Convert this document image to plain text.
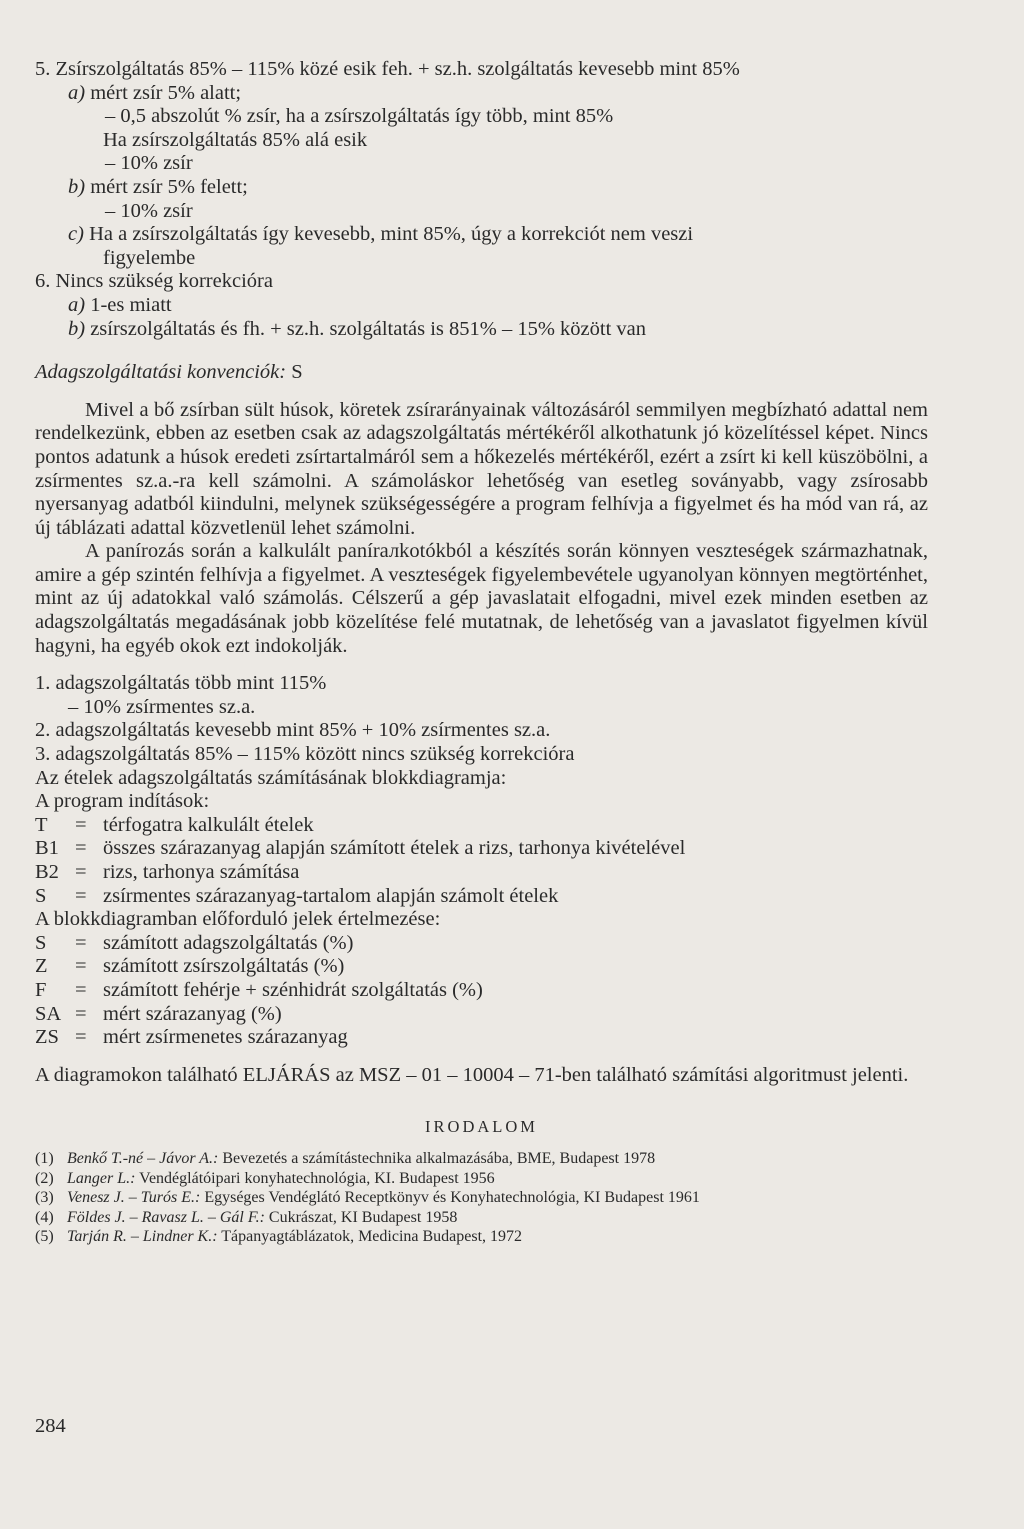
5. Zsírszolgáltatás 85% – 115% közé esik feh. + sz.h. szolgáltatás kevesebb mint 85%
a) mért zsír 5% alatt;
– 0,5 abszolút % zsír, ha a zsírszolgáltatás így több, mint 85%
Ha zsírszolgáltatás 85% alá esik
– 10% zsír
b) mért zsír 5% felett;
– 10% zsír
c) Ha a zsírszolgáltatás így kevesebb, mint 85%, úgy a korrekciót nem veszi
figyelembe
6. Nincs szükség korrekcióra
a) 1-es miatt
b) zsírszolgáltatás és fh. + sz.h. szolgáltatás is 851% – 15% között van
Adagszolgáltatási konvenciók: S

Mivel a bő zsírban sült húsok, köretek zsírarányainak változásáról semmilyen megbízható adattal nem rendelkezünk, ebben az esetben csak az adagszolgáltatás mértékéről alkothatunk jó közelítéssel képet. Nincs pontos adatunk a húsok eredeti zsírtartalmáról sem a hőkezelés mértékéről, ezért a zsírt ki kell küszöbölni, a zsírmentes sz.a.-ra kell számolni. A számoláskor lehetőség van esetleg soványabb, vagy zsírosabb nyersanyag adatból kiindulni, melynek szükségességére a program felhívja a figyelmet és ha mód van rá, az új táblázati adattal közvetlenül lehet számolni.

A panírozás során a kalkulált panírалkotókból a készítés során könnyen veszteségek származhatnak, amire a gép szintén felhívja a figyelmet. A veszteségek figyelembevétele ugyanolyan könnyen megtörténhet, mint az új adatokkal való számolás. Célszerű a gép javaslatait elfogadni, mivel ezek minden esetben az adagszolgáltatás megadásának jobb közelítése felé mutatnak, de lehetőség van a javaslatot figyelmen kívül hagyni, ha egyéb okok ezt indokolják.

1. adagszolgáltatás több mint 115%
– 10% zsírmentes sz.a.
2. adagszolgáltatás kevesebb mint 85% + 10% zsírmentes sz.a.
3. adagszolgáltatás 85% – 115% között nincs szükség korrekcióra
Az ételek adagszolgáltatás számításának blokkdiagramja:
A program indítások:
T	= térfogatra kalkulált ételek
B1 = összes szárazanyag alapján számított ételek a rizs, tarhonya kivételével
B2 = rizs, tarhonya számítása
S	= zsírmentes szárazanyag-tartalom alapján számolt ételek
A blokkdiagramban előforduló jelek értelmezése:
S	= számított adagszolgáltatás (%)
Z	= számított zsírszolgáltatás (%)
F	= számított fehérje + szénhidrát szolgáltatás (%)
SA = mért szárazanyag (%)
ZS = mért zsírmenetes szárazanyag

A diagramokon található ELJÁRÁS az MSZ – 01 – 10004 – 71-ben található számítási algoritmust jelenti.

IRODALOM
(1) Benkő T.-né – Jávor A.: Bevezetés a számítástechnika alkalmazásába, BME, Budapest 1978
(2) Langer L.: Vendéglátóipari konyhatechnológia, KI. Budapest 1956
(3) Venesz J. – Turós E.: Egységes Vendéglátó Receptkönyv és Konyhatechnológia, KI Budapest 1961
(4) Földes J. – Ravasz L. – Gál F.: Cukrászat, KI Budapest 1958
(5) Tarján R. – Lindner K.: Tápanyagtáblázatok, Medicina Budapest, 1972
284
